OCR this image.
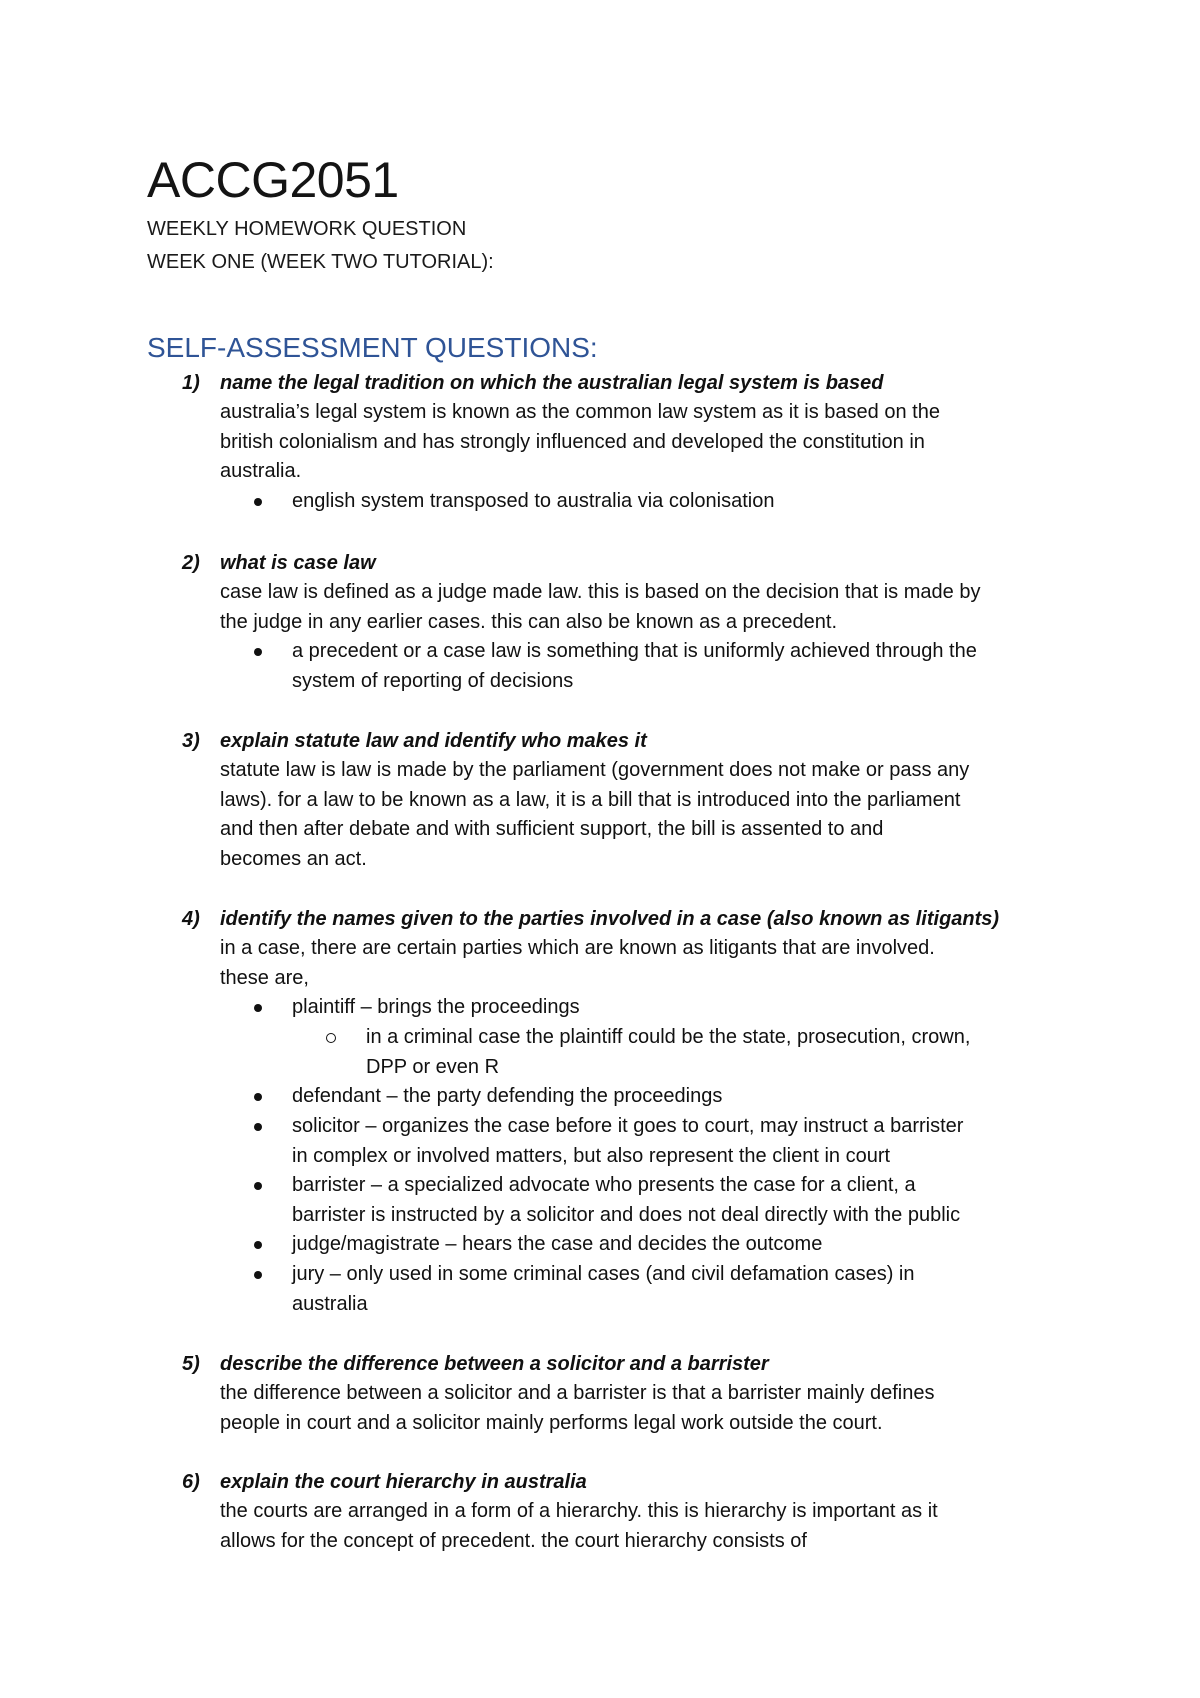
ACCG2051
WEEKLY HOMEWORK QUESTION
WEEK ONE (WEEK TWO TUTORIAL):
SELF-ASSESSMENT QUESTIONS:
1) name the legal tradition on which the australian legal system is based
australia’s legal system is known as the common law system as it is based on the
british colonialism and has strongly influenced and developed the constitution in
australia.
english system transposed to australia via colonisation
2) what is case law
case law is defined as a judge made law. this is based on the decision that is made by
the judge in any earlier cases. this can also be known as a precedent.
a precedent or a case law is something that is uniformly achieved through the
system of reporting of decisions
3) explain statute law and identify who makes it
statute law is law is made by the parliament (government does not make or pass any
laws). for a law to be known as a law, it is a bill that is introduced into the parliament
and then after debate and with sufficient support, the bill is assented to and
becomes an act.
4) identify the names given to the parties involved in a case (also known as litigants)
in a case, there are certain parties which are known as litigants that are involved.
these are,
plaintiff – brings the proceedings
in a criminal case the plaintiff could be the state, prosecution, crown,
DPP or even R
defendant – the party defending the proceedings
solicitor – organizes the case before it goes to court, may instruct a barrister
in complex or involved matters, but also represent the client in court
barrister – a specialized advocate who presents the case for a client, a
barrister is instructed by a solicitor and does not deal directly with the public
judge/magistrate – hears the case and decides the outcome
jury – only used in some criminal cases (and civil defamation cases) in
australia
5) describe the difference between a solicitor and a barrister
the difference between a solicitor and a barrister is that a barrister mainly defines
people in court and a solicitor mainly performs legal work outside the court.
6) explain the court hierarchy in australia
the courts are arranged in a form of a hierarchy. this is hierarchy is important as it
allows for the concept of precedent. the court hierarchy consists of
